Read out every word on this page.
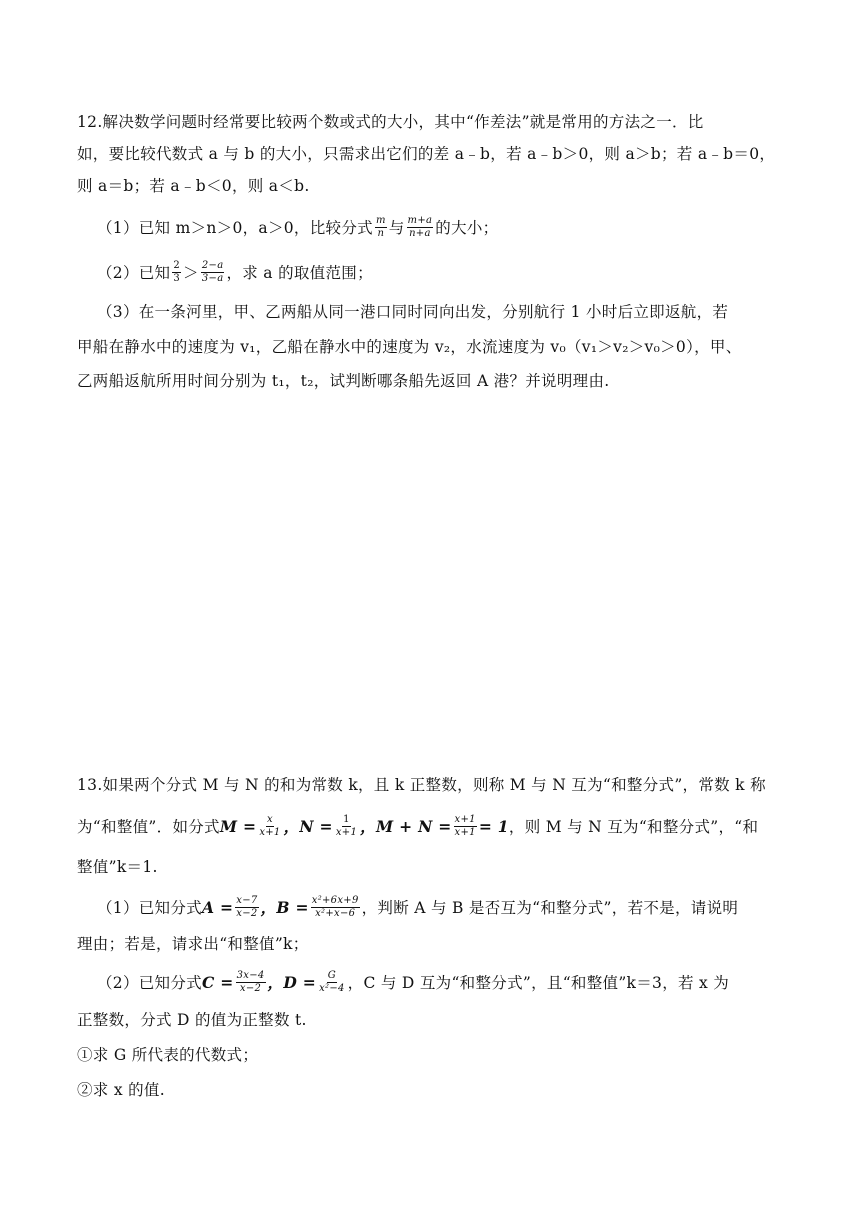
12.解决数学问题时经常要比较两个数或式的大小，其中“作差法”就是常用的方法之一．比
如，要比较代数式 a 与 b 的大小，只需求出它们的差 a﹣b，若 a﹣b＞0，则 a＞b；若 a﹣b＝0，
则 a＝b；若 a﹣b＜0，则 a＜b.
（1）已知 m＞n＞0，a＞0，比较分式 $\frac{m}{n}$ 与 $\frac{m+a}{n+a}$ 的大小；
（2）已知 $\frac{2}{3} > \frac{2-a}{3-a}$ ，求 a 的取值范围；
（3）在一条河里，甲、乙两船从同一港口同时同向出发，分别航行 1 小时后立即返航，若
甲船在静水中的速度为 v₁，乙船在静水中的速度为 v₂，水流速度为 v₀（v₁＞v₂＞v₀＞0），甲、
乙两船返航所用时间分别为 t₁，t₂，试判断哪条船先返回 A 港？并说明理由.
13.如果两个分式 M 与 N 的和为常数 k，且 k 正整数，则称 M 与 N 互为“和整分式”，常数 k 称
为“和整值”．如分式$M = \frac{x}{x+1}$ ，$N = \frac{1}{x+1}$ ，$M + N = \frac{x+1}{x+1} = 1$，则 M 与 N 互为“和整分式”，“和
整值”k＝1.
（1）已知分式$A = \frac{x-7}{x-2}$ ，$B = \frac{\text{x²+6x+9}}{\text{x²+x−6}}$ ，判断 A 与 B 是否互为“和整分式”，若不是，请说明
理由；若是，请求出“和整值”k；
（2）已知分式$C = \frac{3x-4}{x-2}$ ，$D = \frac{G}{\text{x²−4}}$ ，C 与 D 互为“和整分式”，且“和整值”k＝3，若 x 为
正整数，分式 D 的值为正整数 t.
①求 G 所代表的代数式；
②求 x 的值.
